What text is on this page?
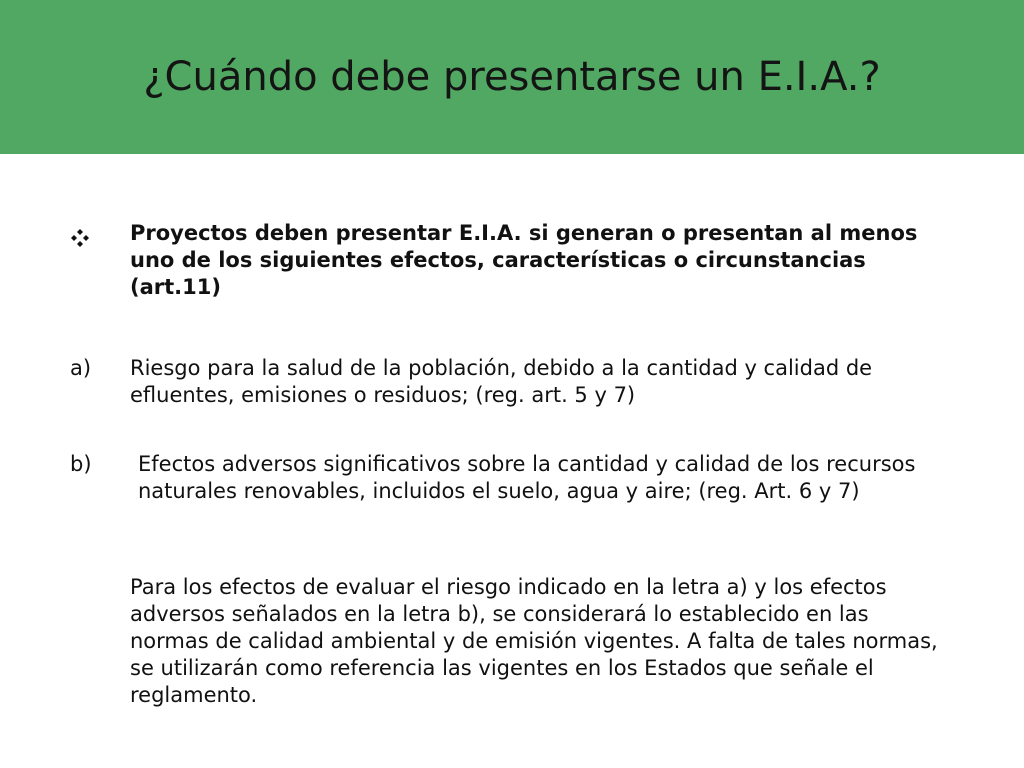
¿Cuándo debe presentarse un E.I.A.?
Proyectos deben presentar E.I.A. si generan o presentan al menos uno de los siguientes efectos, características o circunstancias (art.11)
a) Riesgo para la salud de la población, debido a la cantidad y calidad de efluentes, emisiones o residuos; (reg. art. 5 y 7)
b)	Efectos adversos significativos sobre la cantidad y calidad de los recursos naturales renovables, incluidos el suelo, agua y aire; (reg. Art. 6 y 7)
Para los efectos de evaluar el riesgo indicado en la letra a) y los efectos adversos señalados en la letra b), se considerará lo establecido en las normas de calidad ambiental y de emisión vigentes. A falta de tales normas, se utilizarán como referencia las vigentes en los Estados que señale el reglamento.
